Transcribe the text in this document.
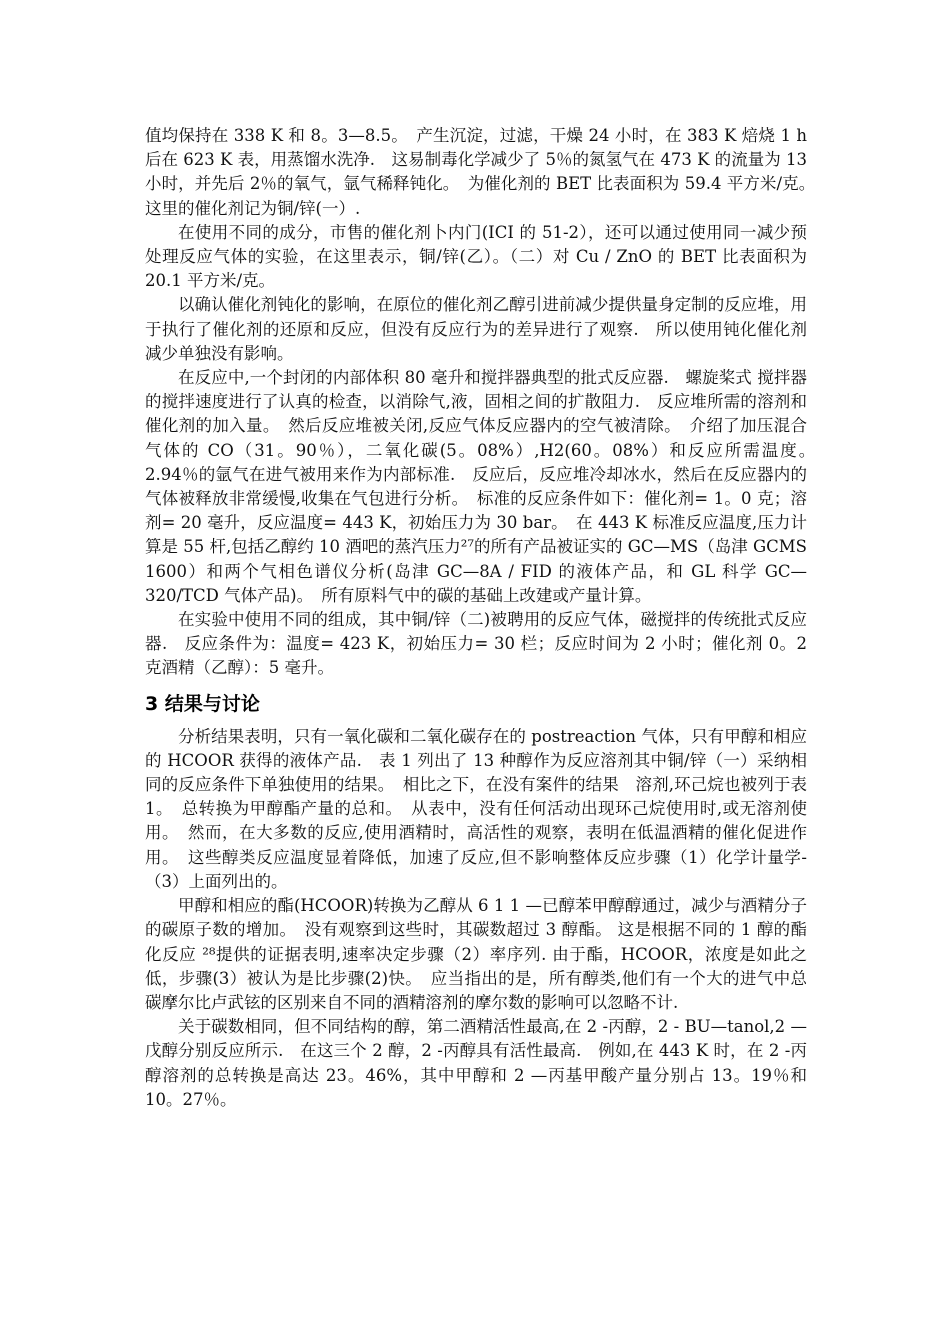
值均保持在 338 K 和 8。3—8.5。　产生沉淀，过滤，干燥 24 小时，在 383 K 焙烧 1 h 后在 623 K 表，用蒸馏水洗净.　这易制毒化学减少了 5％的氮氢气在 473 K 的流量为 13 小时，并先后 2％的氧气，氩气稀释钝化。　为催化剂的 BET 比表面积为 59.4 平方米/克。　这里的催化剂记为铜/锌(一）.

在使用不同的成分，市售的催化剂卜内门(ICI 的 51-2），还可以通过使用同一减少预处理反应气体的实验，在这里表示，铜/锌(乙）。（二）对 Cu / ZnO 的 BET 比表面积为 20.1 平方米/克。

以确认催化剂钝化的影响，在原位的催化剂乙醇引进前减少提供量身定制的反应堆，用于执行了催化剂的还原和反应，但没有反应行为的差异进行了观察.　所以使用钝化催化剂减少单独没有影响。

在反应中,一个封闭的内部体积 80 毫升和搅拌器典型的批式反应器.　螺旋桨式 搅拌器的搅拌速度进行了认真的检查，以消除气,液，固相之间的扩散阻力.　反应堆所需的溶剂和催化剂的加入量。　然后反应堆被关闭,反应气体反应器内的空气被清除。　介绍了加压混合气体的 CO（31。90％），二氧化碳(5。08%）,H2(60。08%）和反应所需温度。　2.94％的氩气在进气被用来作为内部标准.　反应后，反应堆冷却冰水，然后在反应器内的气体被释放非常缓慢,收集在气包进行分析。　标准的反应条件如下：催化剂= 1。0 克；溶剂= 20 毫升，反应温度= 443 K，初始压力为 30 bar。　在 443 K 标准反应温度,压力计算是 55 杆,包括乙醇约 10 酒吧的蒸汽压力²⁷的所有产品被证实的 GC—MS（岛津 GCMS 1600）和两个气相色谱仪分析(岛津 GC—8A / FID 的液体产品，和 GL 科学 GC—320/TCD 气体产品)。　所有原料气中的碳的基础上改建或产量计算。

在实验中使用不同的组成，其中铜/锌（二)被聘用的反应气体，磁搅拌的传统批式反应器.　反应条件为：温度= 423 K，初始压力= 30 栏；反应时间为 2 小时；催化剂 0。2 克酒精（乙醇）：5 毫升。

3 结果与讨论

分析结果表明，只有一氧化碳和二氧化碳存在的 postreaction 气体，只有甲醇和相应的 HCOOR 获得的液体产品.　表 1 列出了 13 种醇作为反应溶剂其中铜/锌（一）采纳相同的反应条件下单独使用的结果。　相比之下，在没有案件的结果　溶剂,环己烷也被列于表 1。　总转换为甲醇酯产量的总和。　从表中，没有任何活动出现环己烷使用时,或无溶剂使用。　然而，在大多数的反应,使用酒精时，高活性的观察，表明在低温酒精的催化促进作用。　这些醇类反应温度显着降低，加速了反应,但不影响整体反应步骤（1）化学计量学-（3）上面列出的。

甲醇和相应的酯(HCOOR)转换为乙醇从 6 1 1 —已醇苯甲醇醇通过，减少与酒精分子的碳原子数的增加。　没有观察到这些时，其碳数超过 3 醇酯。 这是根据不同的 1 醇的酯化反应 ²⁸提供的证据表明,速率决定步骤（2）率序列. 由于酯，HCOOR，浓度是如此之低，步骤(3）被认为是比步骤(2)快。　应当指出的是，所有醇类,他们有一个大的进气中总碳摩尔比卢武铉的区别来自不同的酒精溶剂的摩尔数的影响可以忽略不计.

关于碳数相同，但不同结构的醇，第二酒精活性最高,在 2 -丙醇，2 - BU—tanol,2 —戊醇分别反应所示.　在这三个 2 醇，2 -丙醇具有活性最高.　例如,在 443 K 时，在 2 -丙醇溶剂的总转换是高达 23。46%，其中甲醇和 2 —丙基甲酸产量分别占 13。19％和 10。27％。
